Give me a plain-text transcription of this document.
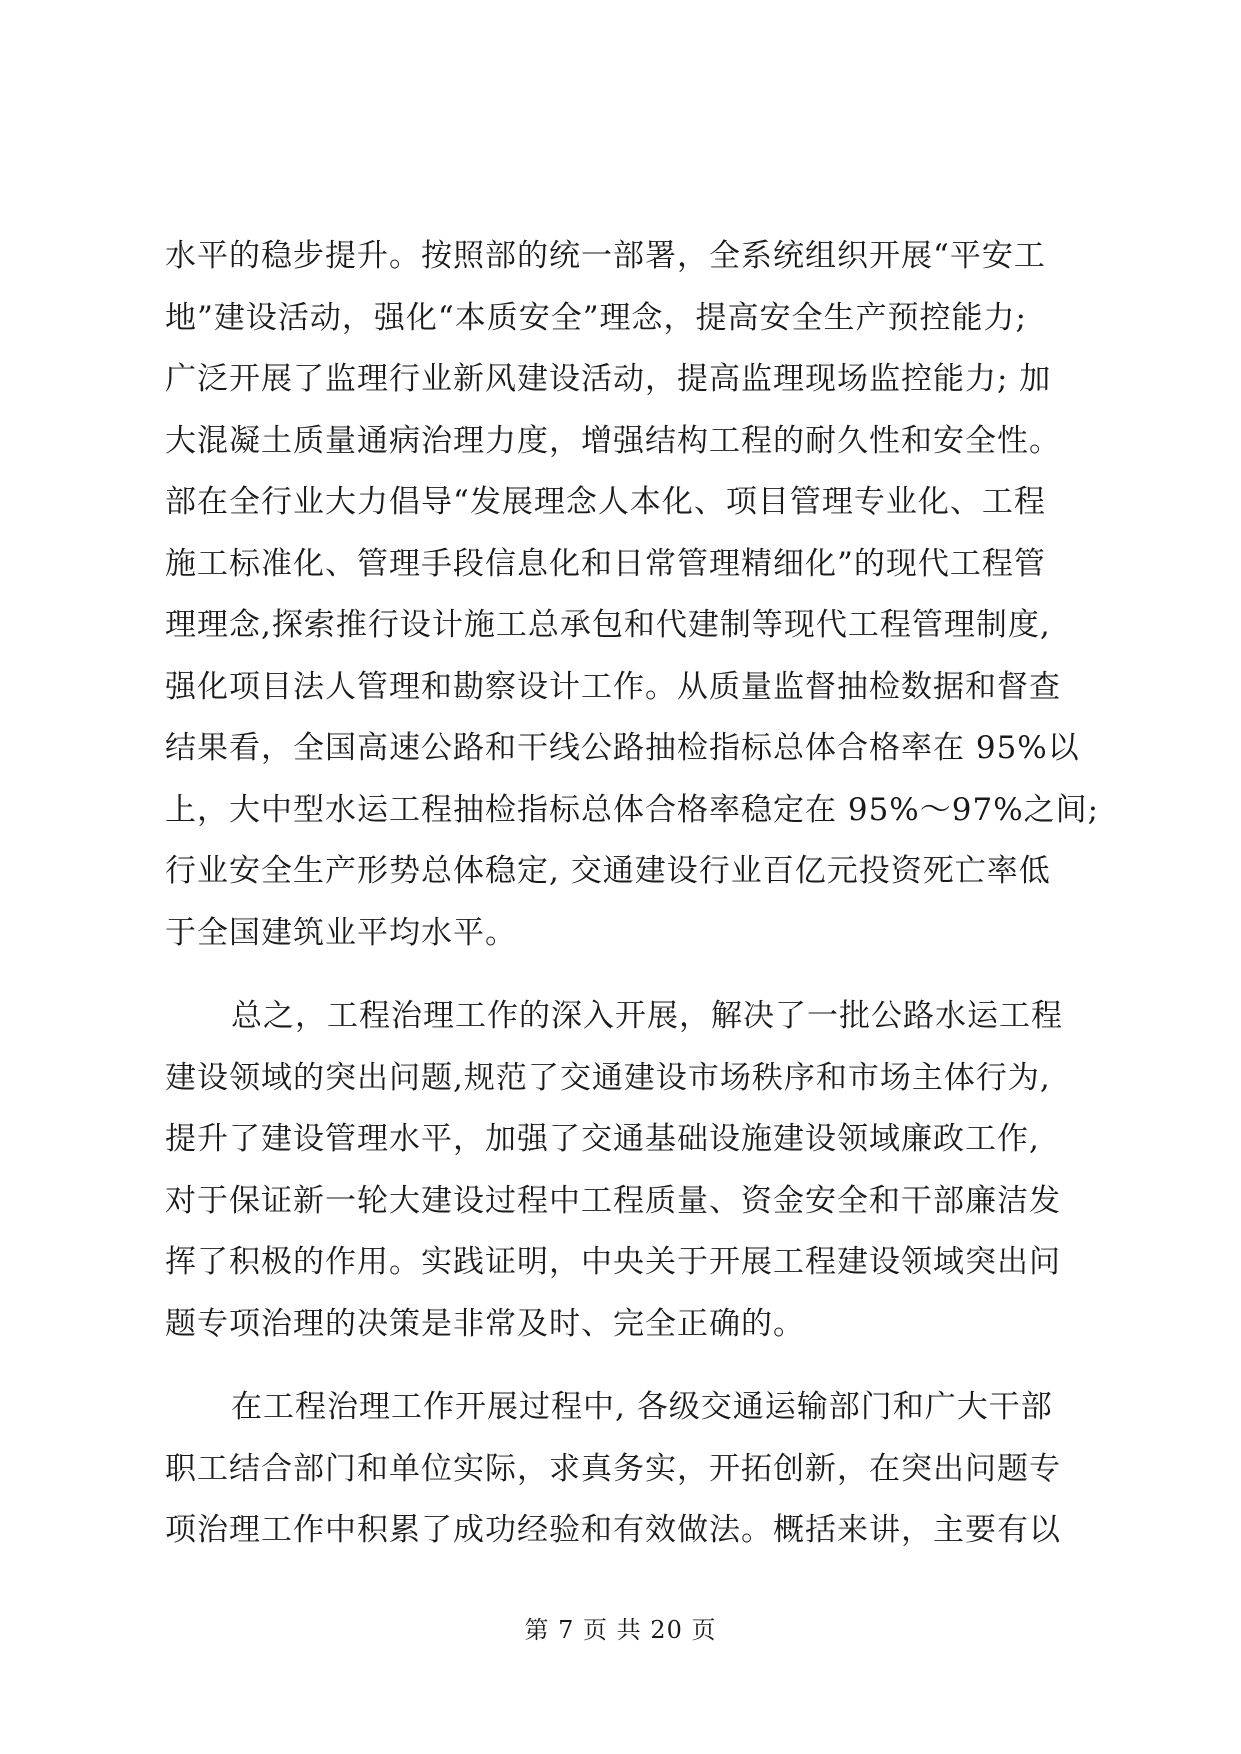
水平的稳步提升。按照部的统一部署，全系统组织开展“平安工
地”建设活动，强化“本质安全”理念，提高安全生产预控能力;
广泛开展了监理行业新风建设活动，提高监理现场监控能力; 加
大混凝土质量通病治理力度，增强结构工程的耐久性和安全性。
部在全行业大力倡导“发展理念人本化、项目管理专业化、工程
施工标准化、管理手段信息化和日常管理精细化”的现代工程管
理理念,探索推行设计施工总承包和代建制等现代工程管理制度,
强化项目法人管理和勘察设计工作。从质量监督抽检数据和督查
结果看，全国高速公路和干线公路抽检指标总体合格率在 95%以
上，大中型水运工程抽检指标总体合格率稳定在 95%～97%之间;
行业安全生产形势总体稳定, 交通建设行业百亿元投资死亡率低
于全国建筑业平均水平。
总之，工程治理工作的深入开展，解决了一批公路水运工程
建设领域的突出问题,规范了交通建设市场秩序和市场主体行为,
提升了建设管理水平，加强了交通基础设施建设领域廉政工作,
对于保证新一轮大建设过程中工程质量、资金安全和干部廉洁发
挥了积极的作用。实践证明，中央关于开展工程建设领域突出问
题专项治理的决策是非常及时、完全正确的。
在工程治理工作开展过程中, 各级交通运输部门和广大干部
职工结合部门和单位实际，求真务实，开拓创新，在突出问题专
项治理工作中积累了成功经验和有效做法。概括来讲，主要有以
第 7 页 共 20 页
